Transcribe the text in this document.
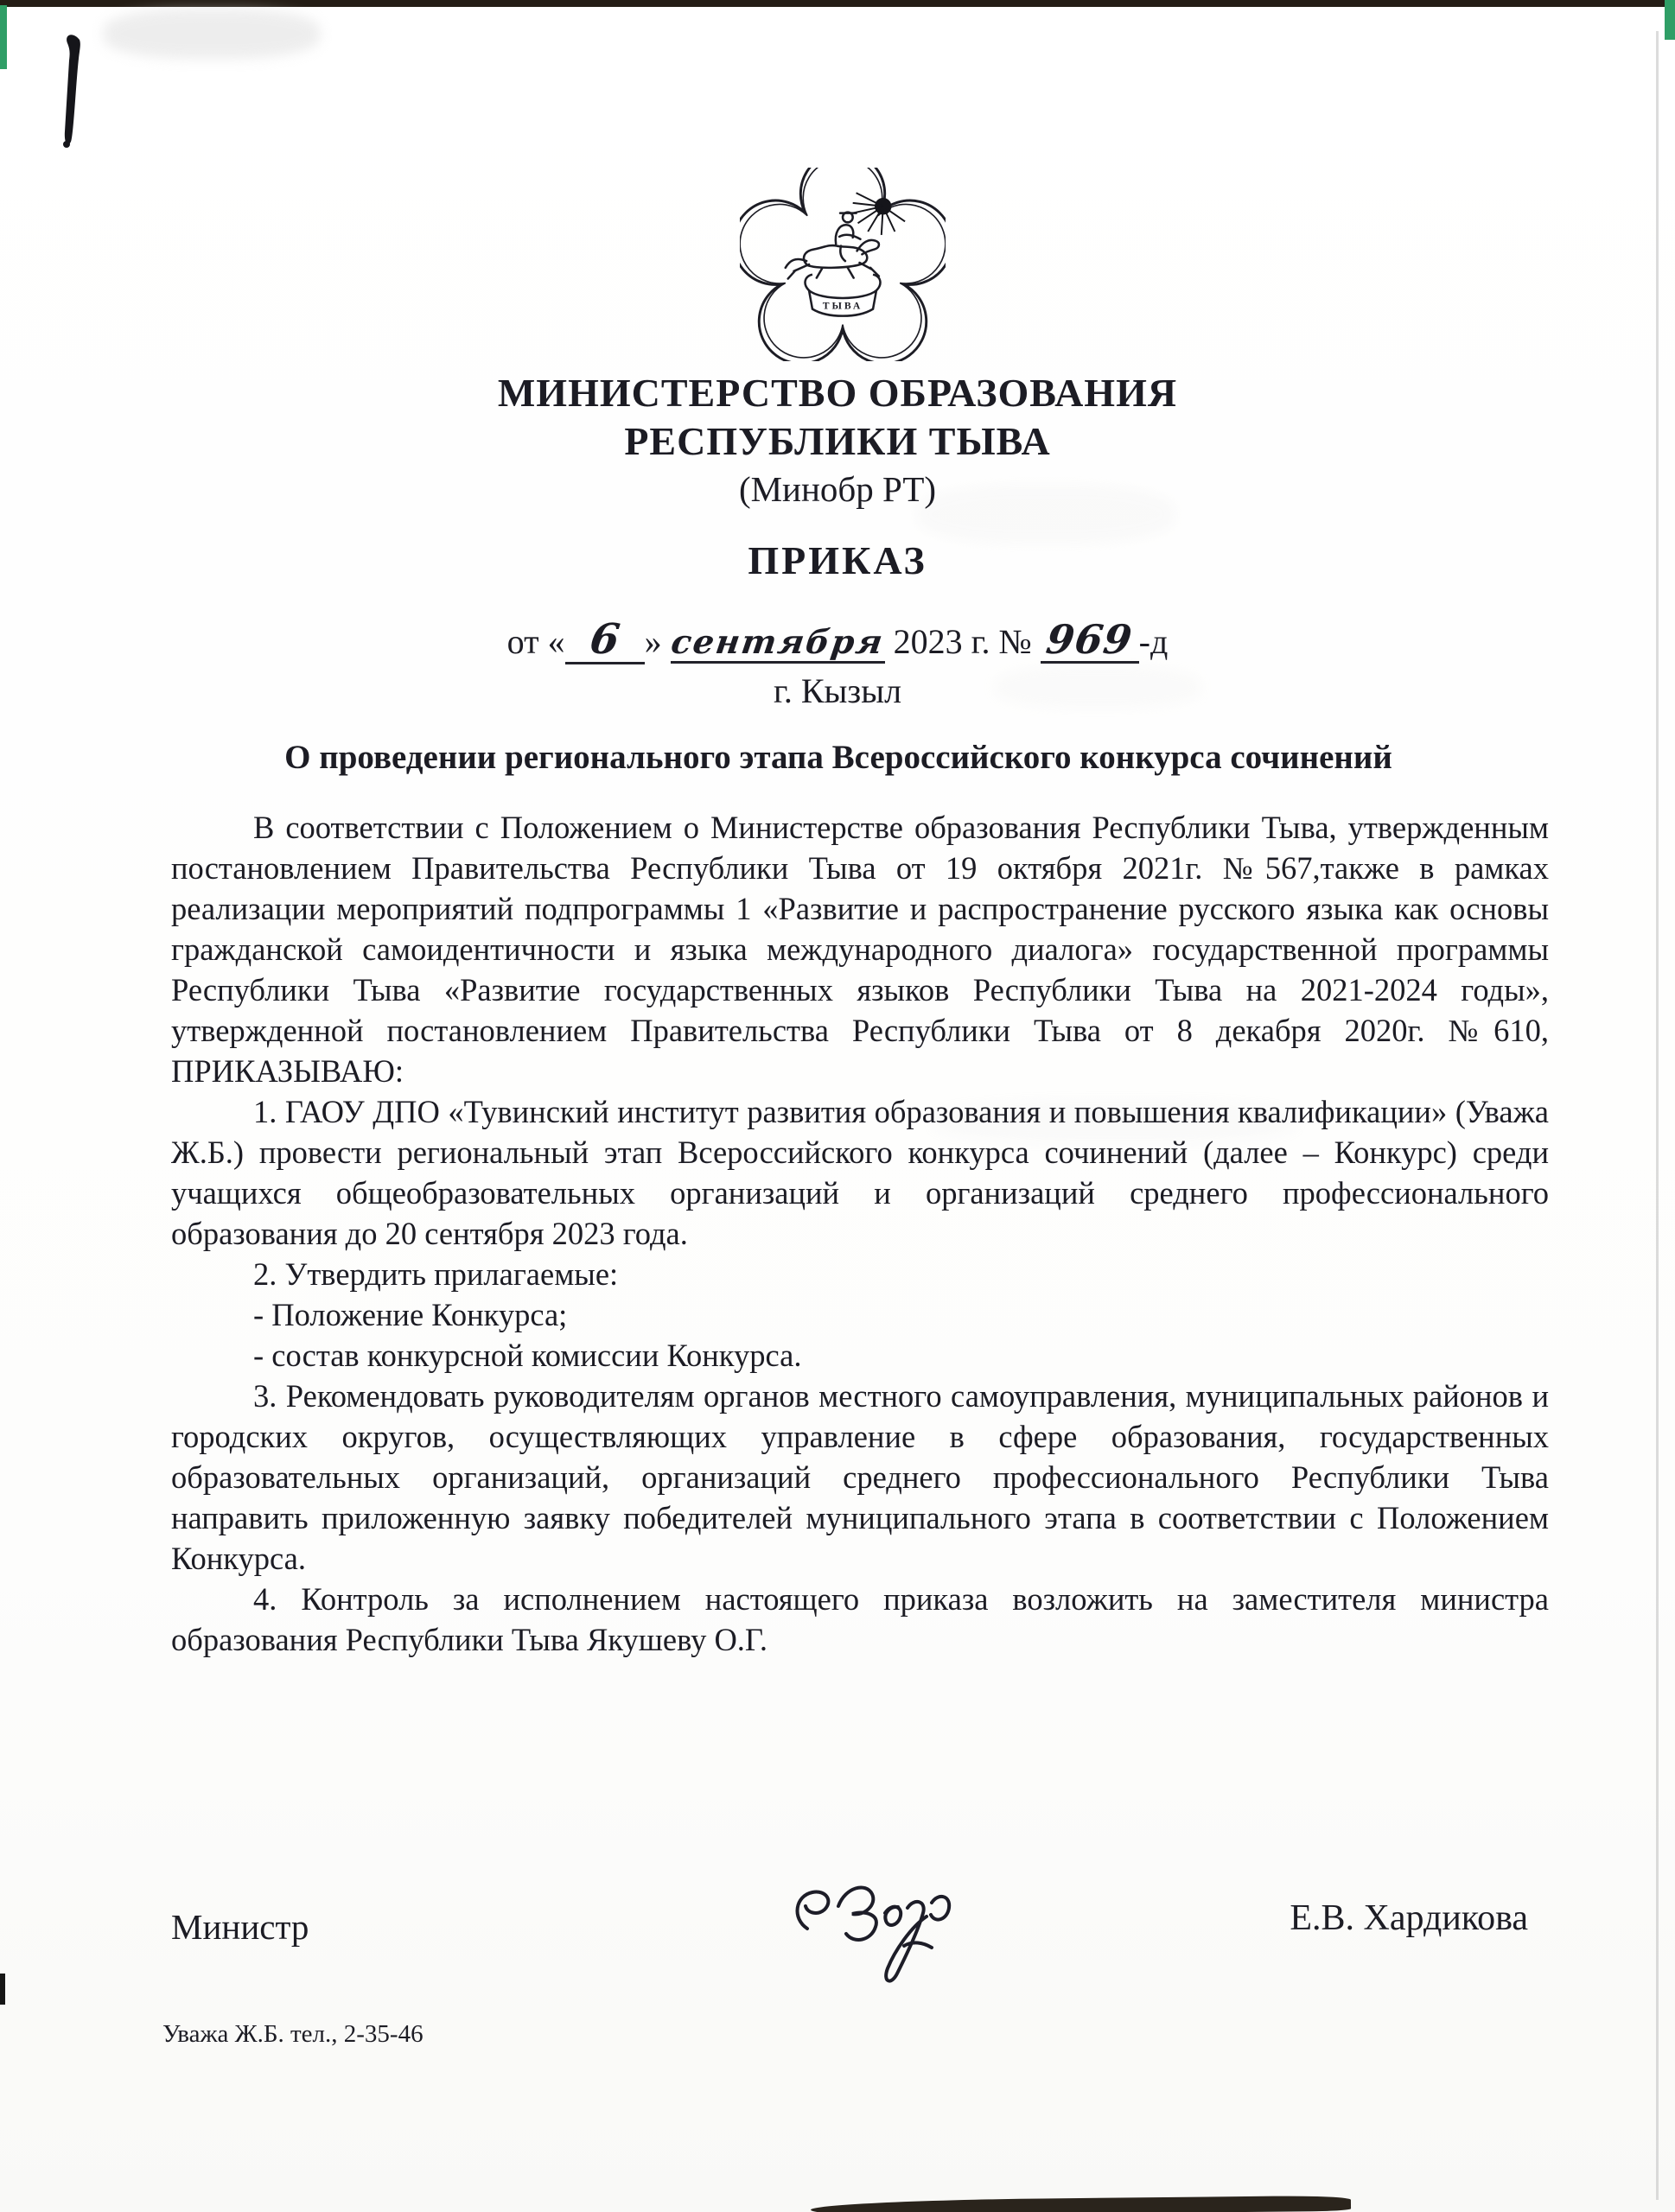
ТЫВА
МИНИСТЕРСТВО ОБРАЗОВАНИЯ
РЕСПУБЛИКИ ТЫВА
(Минобр РТ)
ПРИКАЗ
от « 6 » сентября 2023 г. № 969-д
г. Кызыл
О проведении регионального этапа Всероссийского конкурса сочинений

В соответствии с Положением о Министерстве образования Республики Тыва, утвержденным постановлением Правительства Республики Тыва от 19 октября 2021г. №567,также в рамках реализации мероприятий подпрограммы 1 «Развитие и распространение русского языка как основы гражданской самоидентичности и языка международного диалога» государственной программы Республики Тыва «Развитие государственных языков Республики Тыва на 2021-2024 годы», утвержденной постановлением Правительства Республики Тыва от 8 декабря 2020г. №610, ПРИКАЗЫВАЮ:

1. ГАОУ ДПО «Тувинский институт развития образования и повышения квалификации» (Уважа Ж.Б.) провести региональный этап Всероссийского конкурса сочинений (далее – Конкурс) среди учащихся общеобразовательных организаций и организаций среднего профессионального образования до 20 сентября 2023 года.

2. Утвердить прилагаемые:

- Положение Конкурса;

- состав конкурсной комиссии Конкурса.

3. Рекомендовать руководителям органов местного самоуправления, муниципальных районов и городских округов, осуществляющих управление в сфере образования, государственных образовательных организаций, организаций среднего профессионального Республики Тыва направить приложенную заявку победителей муниципального этапа в соответствии с Положением Конкурса.

4. Контроль за исполнением настоящего приказа возложить на заместителя министра образования Республики Тыва Якушеву О.Г.

Министр	Е.В. Хардикова
Уважа Ж.Б. тел., 2-35-46
